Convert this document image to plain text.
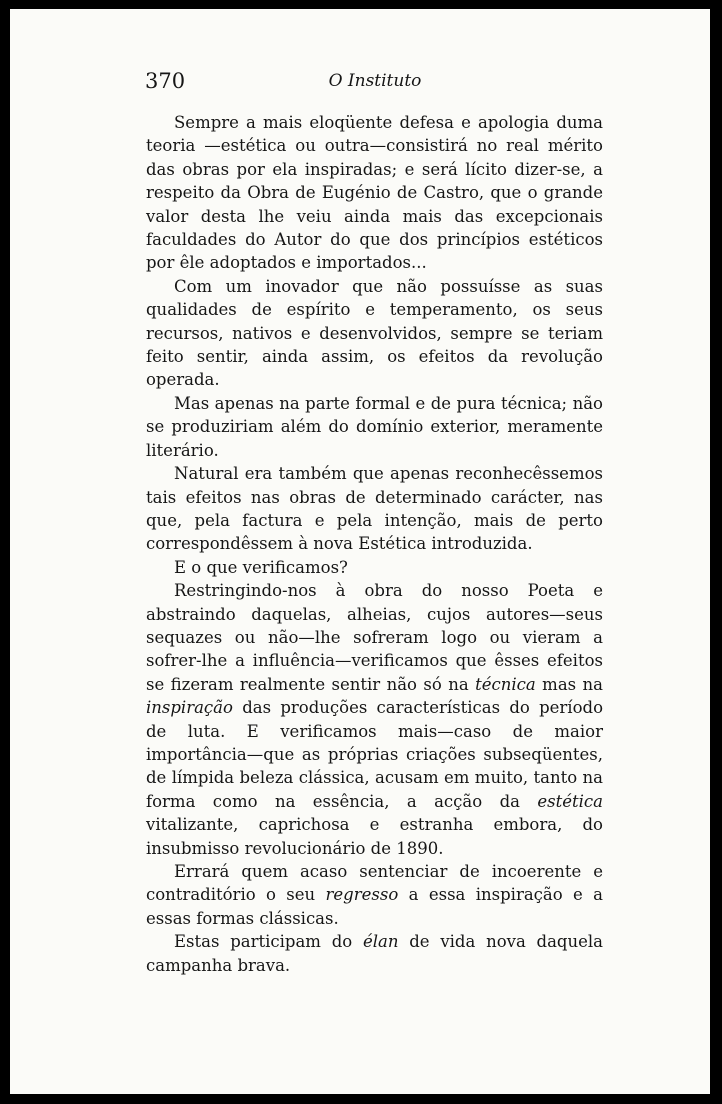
370	O Instituto

Sempre a mais eloqüente defesa e apologia duma teoria —estética ou outra—consistirá no real mérito das obras por ela inspiradas; e será lícito dizer-se, a respeito da Obra de Eugénio de Castro, que o grande valor desta lhe veiu ainda mais das excepcionais faculdades do Autor do que dos princípios estéticos por êle adoptados e importados...

Com um inovador que não possuísse as suas qualidades de espírito e temperamento, os seus recursos, nativos e desenvolvidos, sempre se teriam feito sentir, ainda assim, os efeitos da revolução operada.

Mas apenas na parte formal e de pura técnica; não se produziriam além do domínio exterior, meramente literário.

Natural era também que apenas reconhecêssemos tais efeitos nas obras de determinado carácter, nas que, pela factura e pela intenção, mais de perto correspondêssem à nova Estética introduzida.

E o que verificamos?

Restringindo-nos à obra do nosso Poeta e abstraindo daquelas, alheias, cujos autores—seus sequazes ou não—lhe sofreram logo ou vieram a sofrer-lhe a influência—verificamos que êsses efeitos se fizeram realmente sentir não só na técnica mas na inspiração das produções características do período de luta. E verificamos mais—caso de maior importância—que as próprias criações subseqüentes, de límpida beleza clássica, acusam em muito, tanto na forma como na essência, a acção da estética vitalizante, caprichosa e estranha embora, do insubmisso revolucionário de 1890.

Errará quem acaso sentenciar de incoerente e contraditório o seu regresso a essa inspiração e a essas formas clássicas.

Estas participam do élan de vida nova daquela campanha brava.
